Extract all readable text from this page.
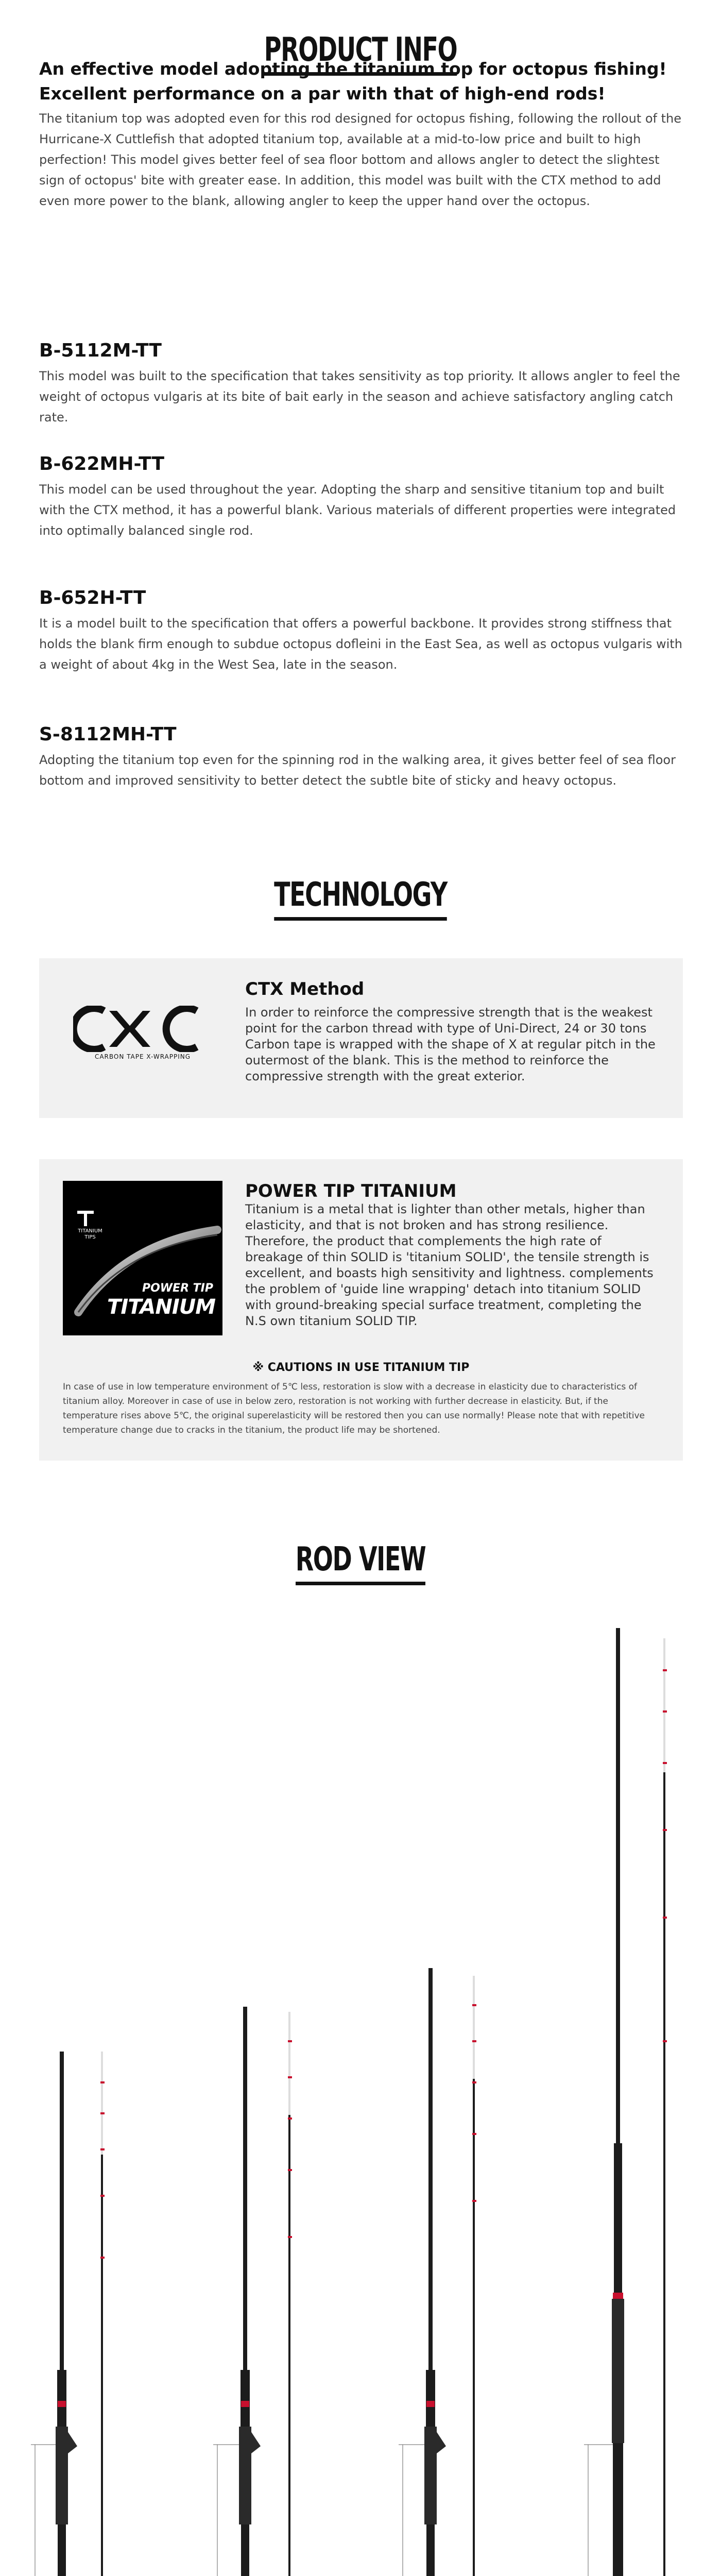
PRODUCT INFO
An effective model adopting the titanium top for octopus fishing! Excellent performance on a par with that of high-end rods!
The titanium top was adopted even for this rod designed for octopus fishing, following the rollout of the Hurricane-X Cuttlefish that adopted titanium top, available at a mid-to-low price and built to high perfection! This model gives better feel of sea floor bottom and allows angler to detect the slightest sign of octopus' bite with greater ease. In addition, this model was built with the CTX method to add even more power to the blank, allowing angler to keep the upper hand over the octopus.
B-5112M-TT
This model was built to the specification that takes sensitivity as top priority. It allows angler to feel the weight of octopus vulgaris at its bite of bait early in the season and achieve satisfactory angling catch rate.
B-622MH-TT
This model can be used throughout the year. Adopting the sharp and sensitive titanium top and built with the CTX method, it has a powerful blank. Various materials of different properties were integrated into optimally balanced single rod.
B-652H-TT
It is a model built to the specification that offers a powerful backbone. It provides strong stiffness that holds the blank firm enough to subdue octopus dofleini in the East Sea, as well as octopus vulgaris with a weight of about 4kg in the West Sea, late in the season.
S-8112MH-TT
Adopting the titanium top even for the spinning rod in the walking area, it gives better feel of sea floor bottom and improved sensitivity to better detect the subtle bite of sticky and heavy octopus.
TECHNOLOGY
CARBON TAPE X-WRAPPING
CTX Method
In order to reinforce the compressive strength that is the weakest point for the carbon thread with type of Uni-Direct, 24 or 30 tons Carbon tape is wrapped with the shape of X at regular pitch in the outermost of the blank. This is the method to reinforce the compressive strength with the great exterior.
TITANIUM
TIPS
POWER TIP
TITANIUM
POWER TIP TITANIUM
Titanium is a metal that is lighter than other metals, higher than elasticity, and that is not broken and has strong resilience. Therefore, the product that complements the high rate of breakage of thin SOLID is 'titanium SOLID', the tensile strength is excellent, and boasts high sensitivity and lightness. complements the problem of 'guide line wrapping' detach into titanium SOLID with ground-breaking special surface treatment, completing the N.S own titanium SOLID TIP.
※ CAUTIONS IN USE TITANIUM TIP
In case of use in low temperature environment of 5℃ less, restoration is slow with a decrease in elasticity due to characteristics of titanium alloy. Moreover in case of use in below zero, restoration is not working with further decrease in elasticity. But, if the temperature rises above 5℃, the original superelasticity will be restored then you can use normally! Please note that with repetitive temperature change due to cracks in the titanium, the product life may be shortened.
ROD VIEW
